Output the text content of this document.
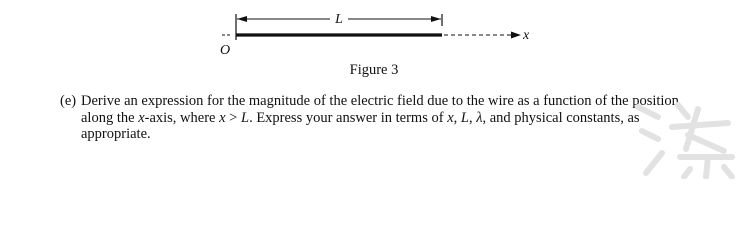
L
x
O
Figure 3
(e) Derive an expression for the magnitude of the electric field due to the wire as a function of the position

along the x-axis, where x > L. Express your answer in terms of x, L, λ, and physical constants, as

appropriate.
